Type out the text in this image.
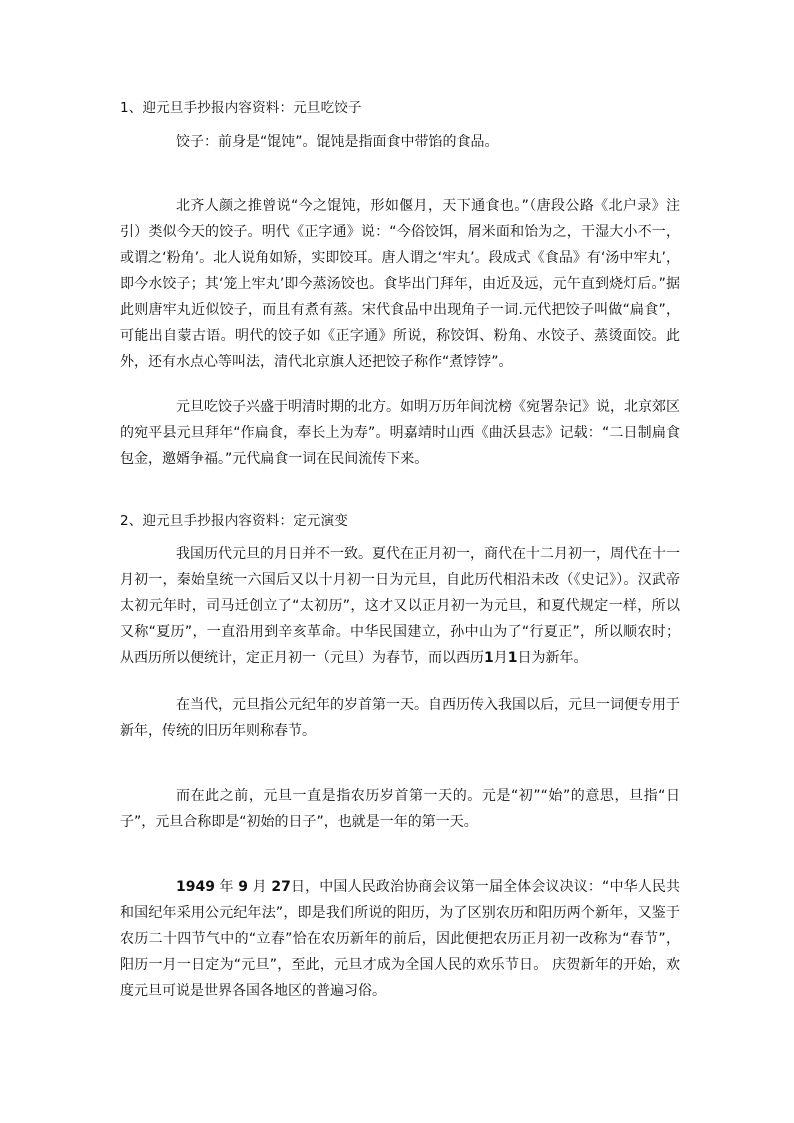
1、迎元旦手抄报内容资料：元旦吃饺子
饺子：前身是“馄饨”。馄饨是指面食中带馅的食品。
北齐人颜之推曾说“今之馄饨，形如偃月，天下通食也。”（唐段公路《北户录》注引）类似今天的饺子。明代《正字通》说：“今俗饺饵，屑米面和饴为之，干湿大小不一，或谓之‘粉角’。北人说角如矫，实即饺耳。唐人谓之‘牢丸’。段成式《食品》有‘汤中牢丸’，即今水饺子；其‘笼上牢丸’即今蒸汤饺也。食毕出门拜年，由近及远，元午直到烧灯后。”据此则唐牢丸近似饺子，而且有煮有蒸。宋代食品中出现角子一词.元代把饺子叫做“扁食”，可能出自蒙古语。明代的饺子如《正字通》所说，称饺饵、粉角、水饺子、蒸烫面饺。此外，还有水点心等叫法，清代北京旗人还把饺子称作“煮饽饽”。
元旦吃饺子兴盛于明清时期的北方。如明万历年间沈榜《宛署杂记》说，北京郊区的宛平县元旦拜年“作扁食，奉长上为寿”。明嘉靖时山西《曲沃县志》记载：“二日制扁食包金，邀婿争福。”元代扁食一词在民间流传下来。
2、迎元旦手抄报内容资料：定元演变
我国历代元旦的月日并不一致。夏代在正月初一，商代在十二月初一，周代在十一月初一，秦始皇统一六国后又以十月初一日为元旦，自此历代相沿未改（《史记》）。汉武帝太初元年时，司马迁创立了“太初历”，这才又以正月初一为元旦，和夏代规定一样，所以又称“夏历”，一直沿用到辛亥革命。中华民国建立，孙中山为了“行夏正”，所以顺农时；从西历所以便统计，定正月初一（元旦）为春节，而以西历1月1日为新年。
在当代，元旦指公元纪年的岁首第一天。自西历传入我国以后，元旦一词便专用于新年，传统的旧历年则称春节。
而在此之前，元旦一直是指农历岁首第一天的。元是“初”“始”的意思，旦指“日子”，元旦合称即是“初始的日子”，也就是一年的第一天。
1949 年 9 月 27日，中国人民政治协商会议第一届全体会议决议：“中华人民共和国纪年采用公元纪年法”，即是我们所说的阳历，为了区别农历和阳历两个新年，又鉴于农历二十四节气中的“立春”恰在农历新年的前后，因此便把农历正月初一改称为“春节”，阳历一月一日定为“元旦”，至此，元旦才成为全国人民的欢乐节日。 庆贺新年的开始，欢度元旦可说是世界各国各地区的普遍习俗。
